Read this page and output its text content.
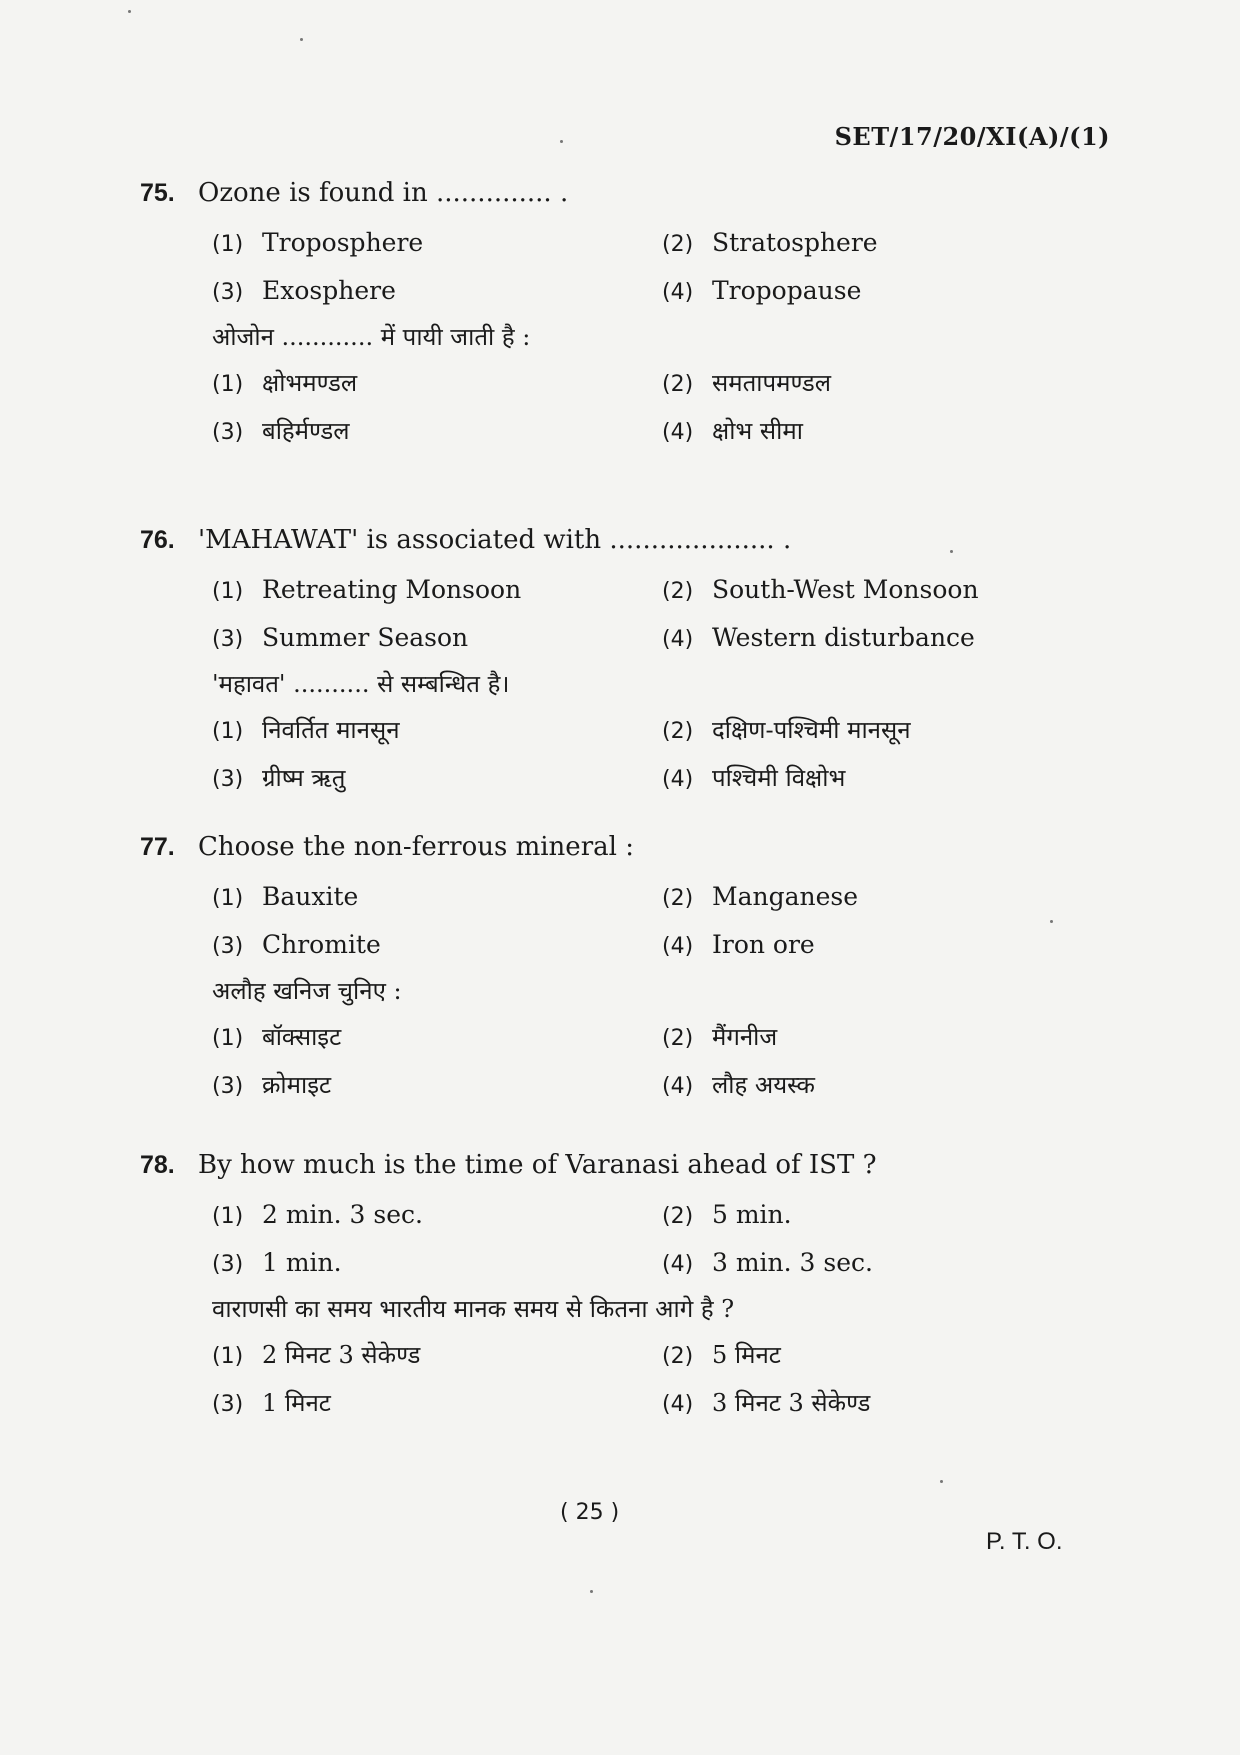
SET/17/20/XI(A)/(1)
75. Ozone is found in .............. .
(1) Troposphere	(2) Stratosphere
(3) Exosphere	(4) Tropopause
ओजोन ............ में पायी जाती है :
(1) क्षोभमण्डल	(2) समतापमण्डल
(3) बहिर्मण्डल	(4) क्षोभ सीमा
76. 'MAHAWAT' is associated with .................... .
(1) Retreating Monsoon	(2) South-West Monsoon
(3) Summer Season	(4) Western disturbance
'महावत' .......... से सम्बन्धित है।
(1) निवर्तित मानसून	(2) दक्षिण-पश्चिमी मानसून
(3) ग्रीष्म ऋतु	(4) पश्चिमी विक्षोभ
77. Choose the non-ferrous mineral :
(1) Bauxite	(2) Manganese
(3) Chromite	(4) Iron ore
अलौह खनिज चुनिए :
(1) बॉक्साइट	(2) मैंगनीज
(3) क्रोमाइट	(4) लौह अयस्क
78. By how much is the time of Varanasi ahead of IST ?
(1) 2 min. 3 sec.	(2) 5 min.
(3) 1 min.	(4) 3 min. 3 sec.
वाराणसी का समय भारतीय मानक समय से कितना आगे है ?
(1) 2 मिनट 3 सेकेण्ड	(2) 5 मिनट
(3) 1 मिनट	(4) 3 मिनट 3 सेकेण्ड
( 25 )
P. T. O.
